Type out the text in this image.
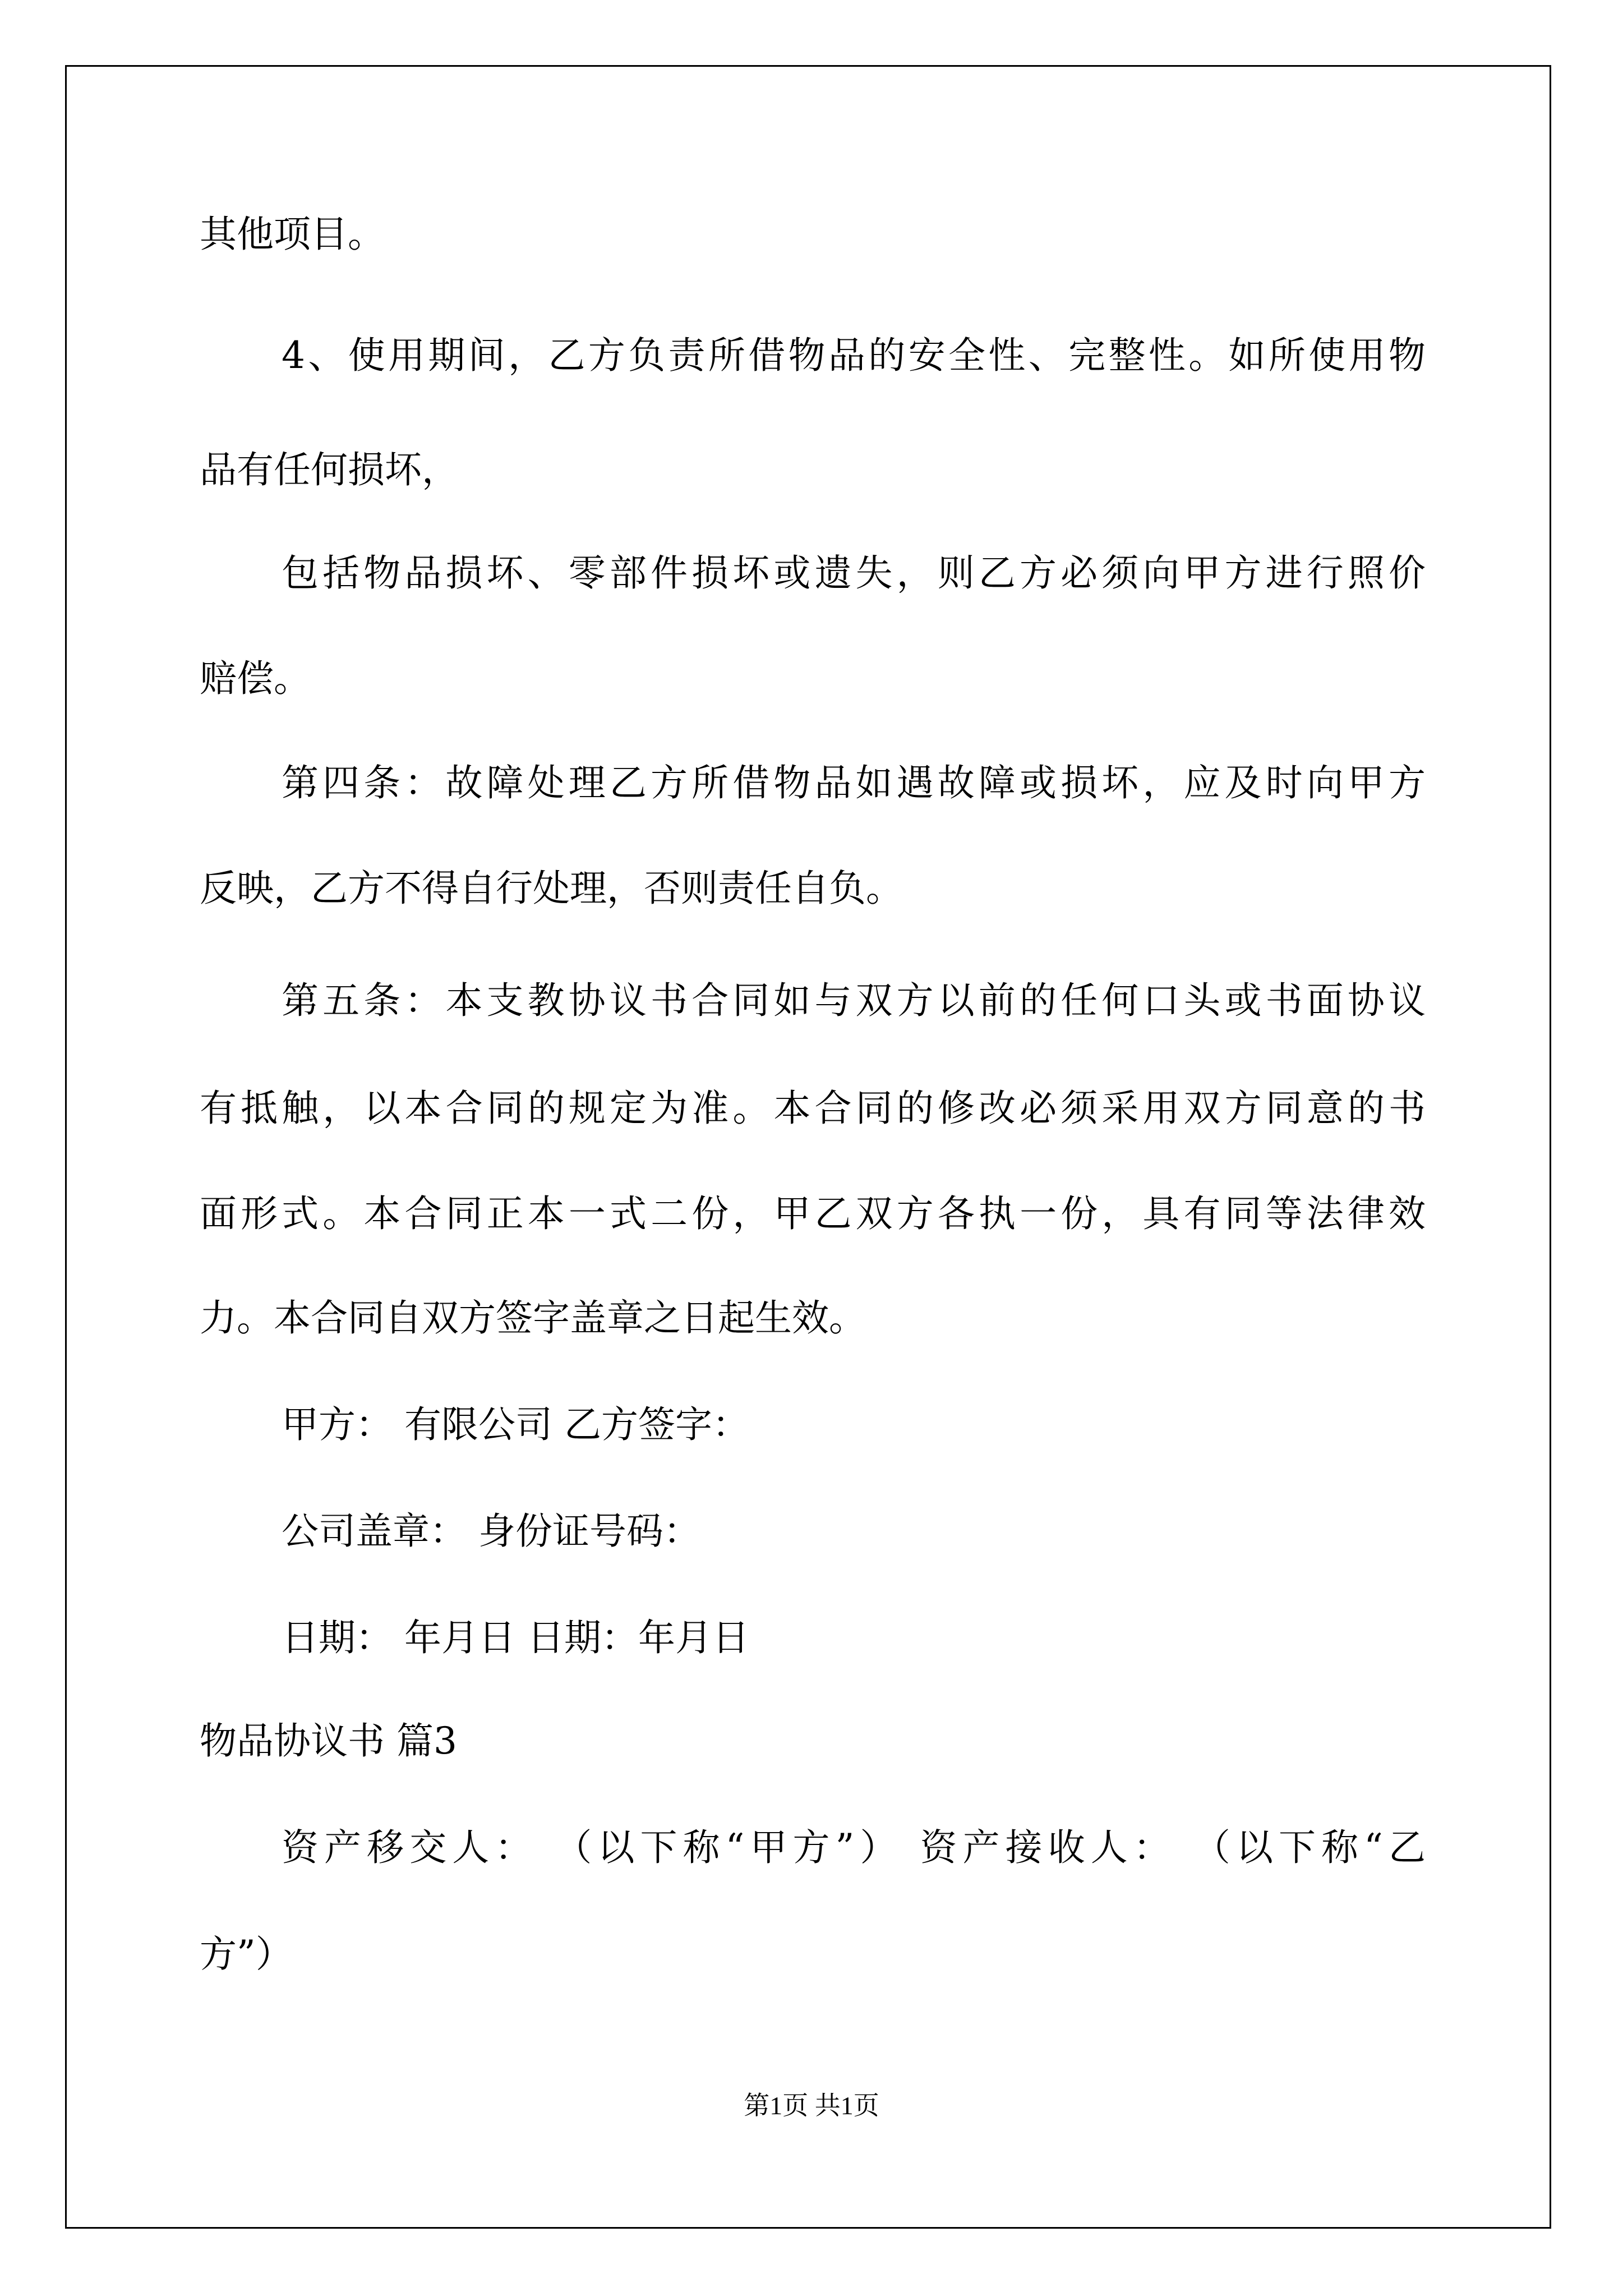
其他项目。
4、使用期间，乙方负责所借物品的安全性、完整性。如所使用物
品有任何损坏，
包括物品损坏、零部件损坏或遗失，则乙方必须向甲方进行照价
赔偿。
第四条：故障处理乙方所借物品如遇故障或损坏，应及时向甲方
反映，乙方不得自行处理，否则责任自负。
第五条：本支教协议书合同如与双方以前的任何口头或书面协议
有抵触，以本合同的规定为准。本合同的修改必须采用双方同意的书
面形式。本合同正本一式二份，甲乙双方各执一份，具有同等法律效
力。本合同自双方签字盖章之日起生效。
甲方： 有限公司 乙方签字：
公司盖章： 身份证号码：
日期： 年月日 日期：年月日
物品协议书 篇3
资产移交人： （以下称“甲方”） 资产接收人： （以下称“乙
方”）
第1页 共1页
